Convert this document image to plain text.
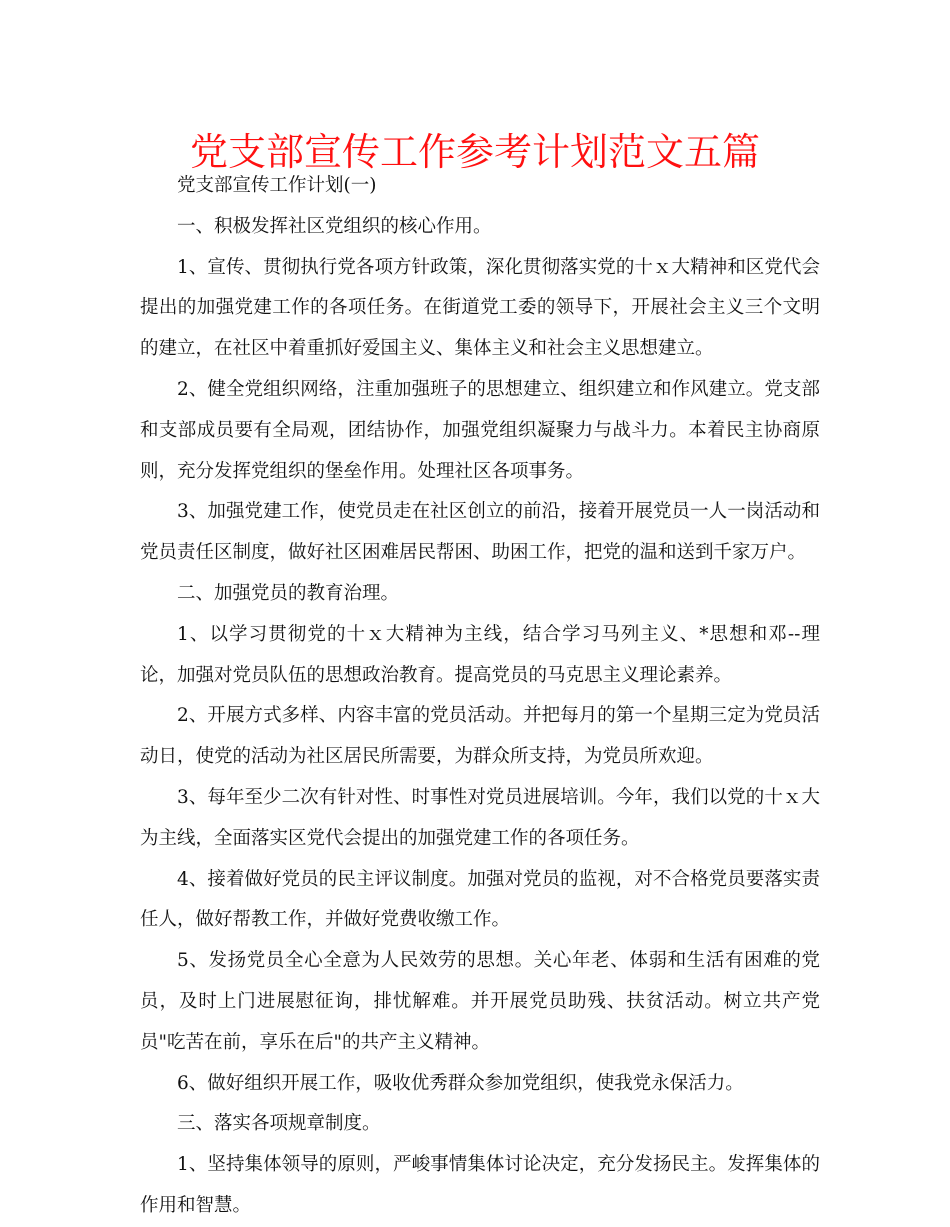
党支部宣传工作参考计划范文五篇

党支部宣传工作计划(一)

一、积极发挥社区党组织的核心作用。

1、宣传、贯彻执行党各项方针政策，深化贯彻落实党的十ｘ大精神和区党代会提出的加强党建工作的各项任务。在街道党工委的领导下，开展社会主义三个文明的建立，在社区中着重抓好爱国主义、集体主义和社会主义思想建立。

2、健全党组织网络，注重加强班子的思想建立、组织建立和作风建立。党支部和支部成员要有全局观，团结协作，加强党组织凝聚力与战斗力。本着民主协商原则，充分发挥党组织的堡垒作用。处理社区各项事务。

3、加强党建工作，使党员走在社区创立的前沿，接着开展党员一人一岗活动和党员责任区制度，做好社区困难居民帮困、助困工作，把党的温和送到千家万户。

二、加强党员的教育治理。

1、以学习贯彻党的十ｘ大精神为主线，结合学习马列主义、*思想和邓--理论，加强对党员队伍的思想政治教育。提高党员的马克思主义理论素养。

2、开展方式多样、内容丰富的党员活动。并把每月的第一个星期三定为党员活动日，使党的活动为社区居民所需要，为群众所支持，为党员所欢迎。

3、每年至少二次有针对性、时事性对党员进展培训。今年，我们以党的十ｘ大为主线，全面落实区党代会提出的加强党建工作的各项任务。

4、接着做好党员的民主评议制度。加强对党员的监视，对不合格党员要落实责任人，做好帮教工作，并做好党费收缴工作。

5、发扬党员全心全意为人民效劳的思想。关心年老、体弱和生活有困难的党员，及时上门进展慰征询，排忧解难。并开展党员助残、扶贫活动。树立共产党员"吃苦在前，享乐在后"的共产主义精神。

6、做好组织开展工作，吸收优秀群众参加党组织，使我党永保活力。

三、落实各项规章制度。

1、坚持集体领导的原则，严峻事情集体讨论决定，充分发扬民主。发挥集体的作用和智慧。
